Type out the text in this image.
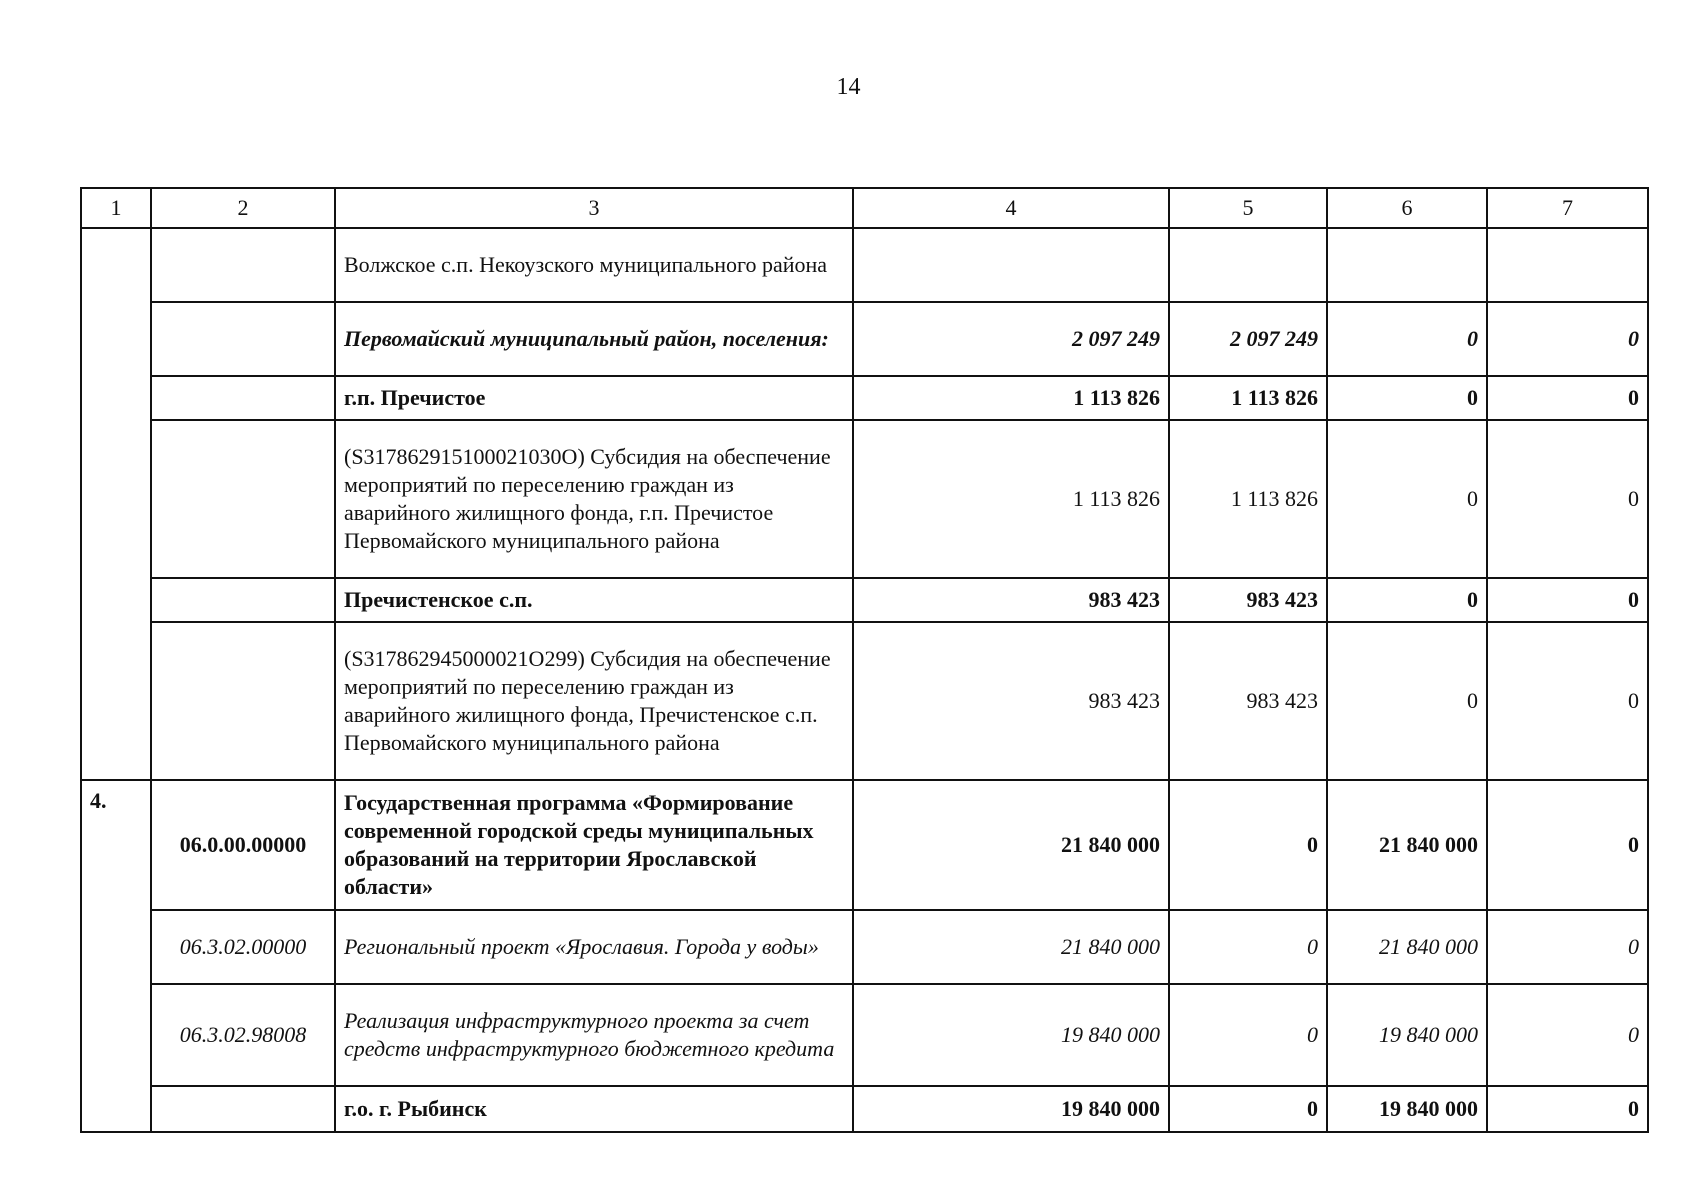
14
1	2	3	4	5	6	7
		Волжское с.п. Некоузского муниципального района				
		Первомайский муниципальный район, поселения:	2 097 249	2 097 249	0	0
		г.п. Пречистое	1 113 826	1 113 826	0	0
		(S317862915100021030O) Субсидия на обеспечение мероприятий по переселению граждан из аварийного жилищного фонда, г.п. Пречистое Первомайского муниципального района	1 113 826	1 113 826	0	0
		Пречистенское с.п.	983 423	983 423	0	0
		(S317862945000021O299) Субсидия на обеспечение мероприятий по переселению граждан из аварийного жилищного фонда, Пречистенское с.п. Первомайского муниципального района	983 423	983 423	0	0
4.	06.0.00.00000	Государственная программа «Формирование современной городской среды муниципальных образований на территории Ярославской области»	21 840 000	0	21 840 000	0
	06.3.02.00000	Региональный проект «Ярославия. Города у воды»	21 840 000	0	21 840 000	0
	06.3.02.98008	Реализация инфраструктурного проекта за счет средств инфраструктурного бюджетного кредита	19 840 000	0	19 840 000	0
		г.о. г. Рыбинск	19 840 000	0	19 840 000	0
